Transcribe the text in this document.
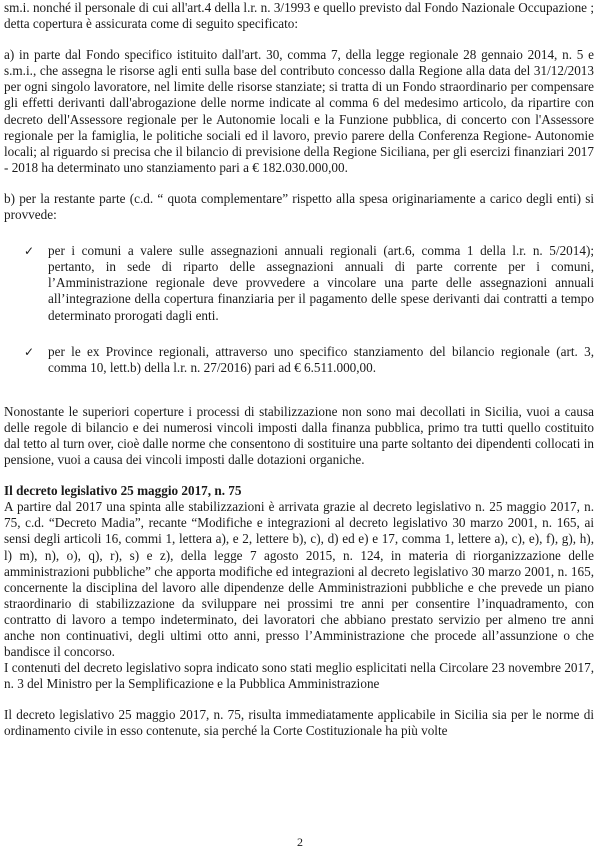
sm.i. nonché il personale di cui all'art.4 della l.r. n. 3/1993 e quello previsto dal Fondo Nazionale Occupazione ; detta copertura è assicurata come di seguito specificato:

a) in parte dal Fondo specifico istituito dall'art. 30, comma 7, della legge regionale 28 gennaio 2014, n. 5 e s.m.i., che assegna le risorse agli enti sulla base del contributo concesso dalla Regione alla data del 31/12/2013 per ogni singolo lavoratore, nel limite delle risorse stanziate; si tratta di un Fondo straordinario per compensare gli effetti derivanti dall'abrogazione delle norme indicate al comma 6 del medesimo articolo, da ripartire con decreto dell'Assessore regionale per le Autonomie locali e la Funzione pubblica, di concerto con l'Assessore regionale per la famiglia, le politiche sociali ed il lavoro, previo parere della Conferenza Regione- Autonomie locali; al riguardo si precisa che il bilancio di previsione della Regione Siciliana, per gli esercizi finanziari 2017 - 2018 ha determinato uno stanziamento pari a € 182.030.000,00.

b) per la restante parte (c.d. “ quota complementare” rispetto alla spesa originariamente a carico degli enti) si provvede:

✓	per i comuni a valere sulle assegnazioni annuali regionali (art.6, comma 1 della l.r. n. 5/2014); pertanto, in sede di riparto delle assegnazioni annuali di parte corrente per i comuni, l’Amministrazione regionale deve provvedere a vincolare una parte delle assegnazioni annuali all’integrazione della copertura finanziaria per il pagamento delle spese derivanti dai contratti a tempo determinato prorogati dagli enti.

✓	per le ex Province regionali, attraverso uno specifico stanziamento del bilancio regionale (art. 3, comma 10, lett.b) della l.r. n. 27/2016) pari ad € 6.511.000,00.

Nonostante le superiori coperture i processi di stabilizzazione non sono mai decollati in Sicilia, vuoi a causa delle regole di bilancio e dei numerosi vincoli imposti dalla finanza pubblica, primo tra tutti quello costituito dal tetto al turn over, cioè dalle norme che consentono di sostituire una parte soltanto dei dipendenti collocati in pensione, vuoi a causa dei vincoli imposti dalle dotazioni organiche.

Il decreto legislativo 25 maggio 2017, n. 75

A partire dal 2017 una spinta alle stabilizzazioni è arrivata grazie al decreto legislativo n. 25 maggio 2017, n. 75, c.d. “Decreto Madia”, recante “Modifiche e integrazioni al decreto legislativo 30 marzo 2001, n. 165, ai sensi degli articoli 16, commi 1, lettera a), e 2, lettere b), c), d) ed e) e 17, comma 1, lettere a), c), e), f), g), h), l) m), n), o), q), r), s) e z), della legge 7 agosto 2015, n. 124, in materia di riorganizzazione delle amministrazioni pubbliche” che apporta modifiche ed integrazioni al decreto legislativo 30 marzo 2001, n. 165, concernente la disciplina del lavoro alle dipendenze delle Amministrazioni pubbliche e che prevede un piano straordinario di stabilizzazione da sviluppare nei prossimi tre anni per consentire l’inquadramento, con contratto di lavoro a tempo indeterminato, dei lavoratori che abbiano prestato servizio per almeno tre anni anche non continuativi, degli ultimi otto anni, presso l’Amministrazione che procede all’assunzione o che bandisce il concorso.

I contenuti del decreto legislativo sopra indicato sono stati meglio esplicitati nella Circolare 23 novembre 2017, n. 3 del Ministro per la Semplificazione e la Pubblica Amministrazione

Il decreto legislativo 25 maggio 2017, n. 75, risulta immediatamente applicabile in Sicilia sia per le norme di ordinamento civile in esso contenute, sia perché la Corte Costituzionale ha più volte

2
